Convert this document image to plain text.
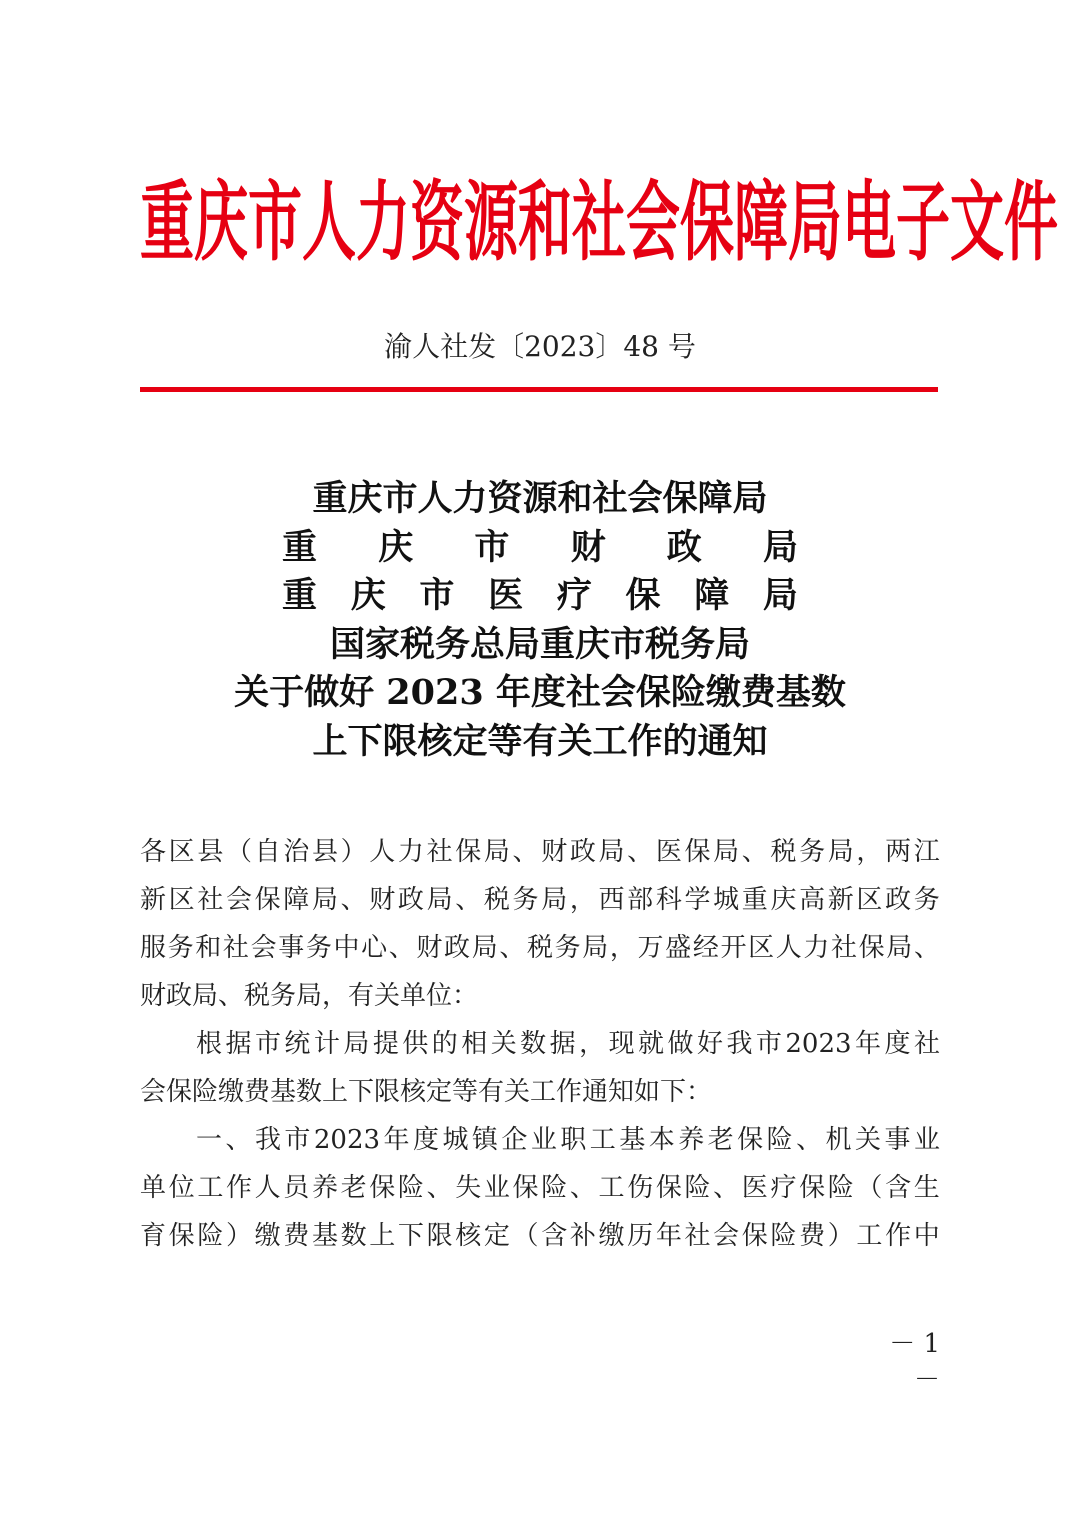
重 庆 市 人 力 资 源 和 社 会 保 障 局 电 子 文 件
渝人社发〔2023〕48 号
重庆市人力资源和社会保障局
重 庆 市 财 政 局
重 庆 市 医 疗 保 障 局
国家税务总局重庆市税务局
关于做好 2023 年度社会保险缴费基数
上下限核定等有关工作的通知
各 区 县 （ 自 治 县 ） 人 力 社 保 局 、 财 政 局 、 医 保 局 、 税 务 局 ， 两 江
新 区 社 会 保 障 局 、 财 政 局 、 税 务 局 ， 西 部 科 学 城 重 庆 高 新 区 政 务
服 务 和 社 会 事 务 中 心 、 财 政 局 、 税 务 局 ， 万 盛 经 开 区 人 力 社 保 局 、
财政局、税务局，有关单位：
根 据 市 统 计 局 提 供 的 相 关 数 据 ， 现 就 做 好 我 市 2023 年 度 社
会保险缴费基数上下限核定等有关工作通知如下：
一 、 我 市 2023 年 度 城 镇 企 业 职 工 基 本 养 老 保 险 、 机 关 事 业
单 位 工 作 人 员 养 老 保 险 、 失 业 保 险 、 工 伤 保 险 、 医 疗 保 险 （ 含 生
育 保 险 ） 缴 费 基 数 上 下 限 核 定 （ 含 补 缴 历 年 社 会 保 险 费 ） 工 作 中
－ 1 －
